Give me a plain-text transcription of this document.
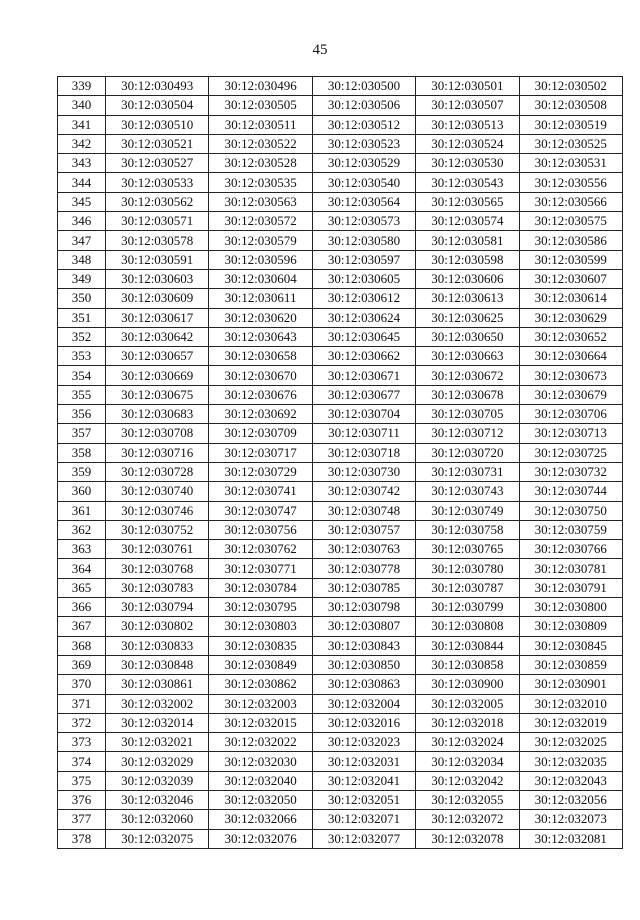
45
339	30:12:030493	30:12:030496	30:12:030500	30:12:030501	30:12:030502
340	30:12:030504	30:12:030505	30:12:030506	30:12:030507	30:12:030508
341	30:12:030510	30:12:030511	30:12:030512	30:12:030513	30:12:030519
342	30:12:030521	30:12:030522	30:12:030523	30:12:030524	30:12:030525
343	30:12:030527	30:12:030528	30:12:030529	30:12:030530	30:12:030531
344	30:12:030533	30:12:030535	30:12:030540	30:12:030543	30:12:030556
345	30:12:030562	30:12:030563	30:12:030564	30:12:030565	30:12:030566
346	30:12:030571	30:12:030572	30:12:030573	30:12:030574	30:12:030575
347	30:12:030578	30:12:030579	30:12:030580	30:12:030581	30:12:030586
348	30:12:030591	30:12:030596	30:12:030597	30:12:030598	30:12:030599
349	30:12:030603	30:12:030604	30:12:030605	30:12:030606	30:12:030607
350	30:12:030609	30:12:030611	30:12:030612	30:12:030613	30:12:030614
351	30:12:030617	30:12:030620	30:12:030624	30:12:030625	30:12:030629
352	30:12:030642	30:12:030643	30:12:030645	30:12:030650	30:12:030652
353	30:12:030657	30:12:030658	30:12:030662	30:12:030663	30:12:030664
354	30:12:030669	30:12:030670	30:12:030671	30:12:030672	30:12:030673
355	30:12:030675	30:12:030676	30:12:030677	30:12:030678	30:12:030679
356	30:12:030683	30:12:030692	30:12:030704	30:12:030705	30:12:030706
357	30:12:030708	30:12:030709	30:12:030711	30:12:030712	30:12:030713
358	30:12:030716	30:12:030717	30:12:030718	30:12:030720	30:12:030725
359	30:12:030728	30:12:030729	30:12:030730	30:12:030731	30:12:030732
360	30:12:030740	30:12:030741	30:12:030742	30:12:030743	30:12:030744
361	30:12:030746	30:12:030747	30:12:030748	30:12:030749	30:12:030750
362	30:12:030752	30:12:030756	30:12:030757	30:12:030758	30:12:030759
363	30:12:030761	30:12:030762	30:12:030763	30:12:030765	30:12:030766
364	30:12:030768	30:12:030771	30:12:030778	30:12:030780	30:12:030781
365	30:12:030783	30:12:030784	30:12:030785	30:12:030787	30:12:030791
366	30:12:030794	30:12:030795	30:12:030798	30:12:030799	30:12:030800
367	30:12:030802	30:12:030803	30:12:030807	30:12:030808	30:12:030809
368	30:12:030833	30:12:030835	30:12:030843	30:12:030844	30:12:030845
369	30:12:030848	30:12:030849	30:12:030850	30:12:030858	30:12:030859
370	30:12:030861	30:12:030862	30:12:030863	30:12:030900	30:12:030901
371	30:12:032002	30:12:032003	30:12:032004	30:12:032005	30:12:032010
372	30:12:032014	30:12:032015	30:12:032016	30:12:032018	30:12:032019
373	30:12:032021	30:12:032022	30:12:032023	30:12:032024	30:12:032025
374	30:12:032029	30:12:032030	30:12:032031	30:12:032034	30:12:032035
375	30:12:032039	30:12:032040	30:12:032041	30:12:032042	30:12:032043
376	30:12:032046	30:12:032050	30:12:032051	30:12:032055	30:12:032056
377	30:12:032060	30:12:032066	30:12:032071	30:12:032072	30:12:032073
378	30:12:032075	30:12:032076	30:12:032077	30:12:032078	30:12:032081
